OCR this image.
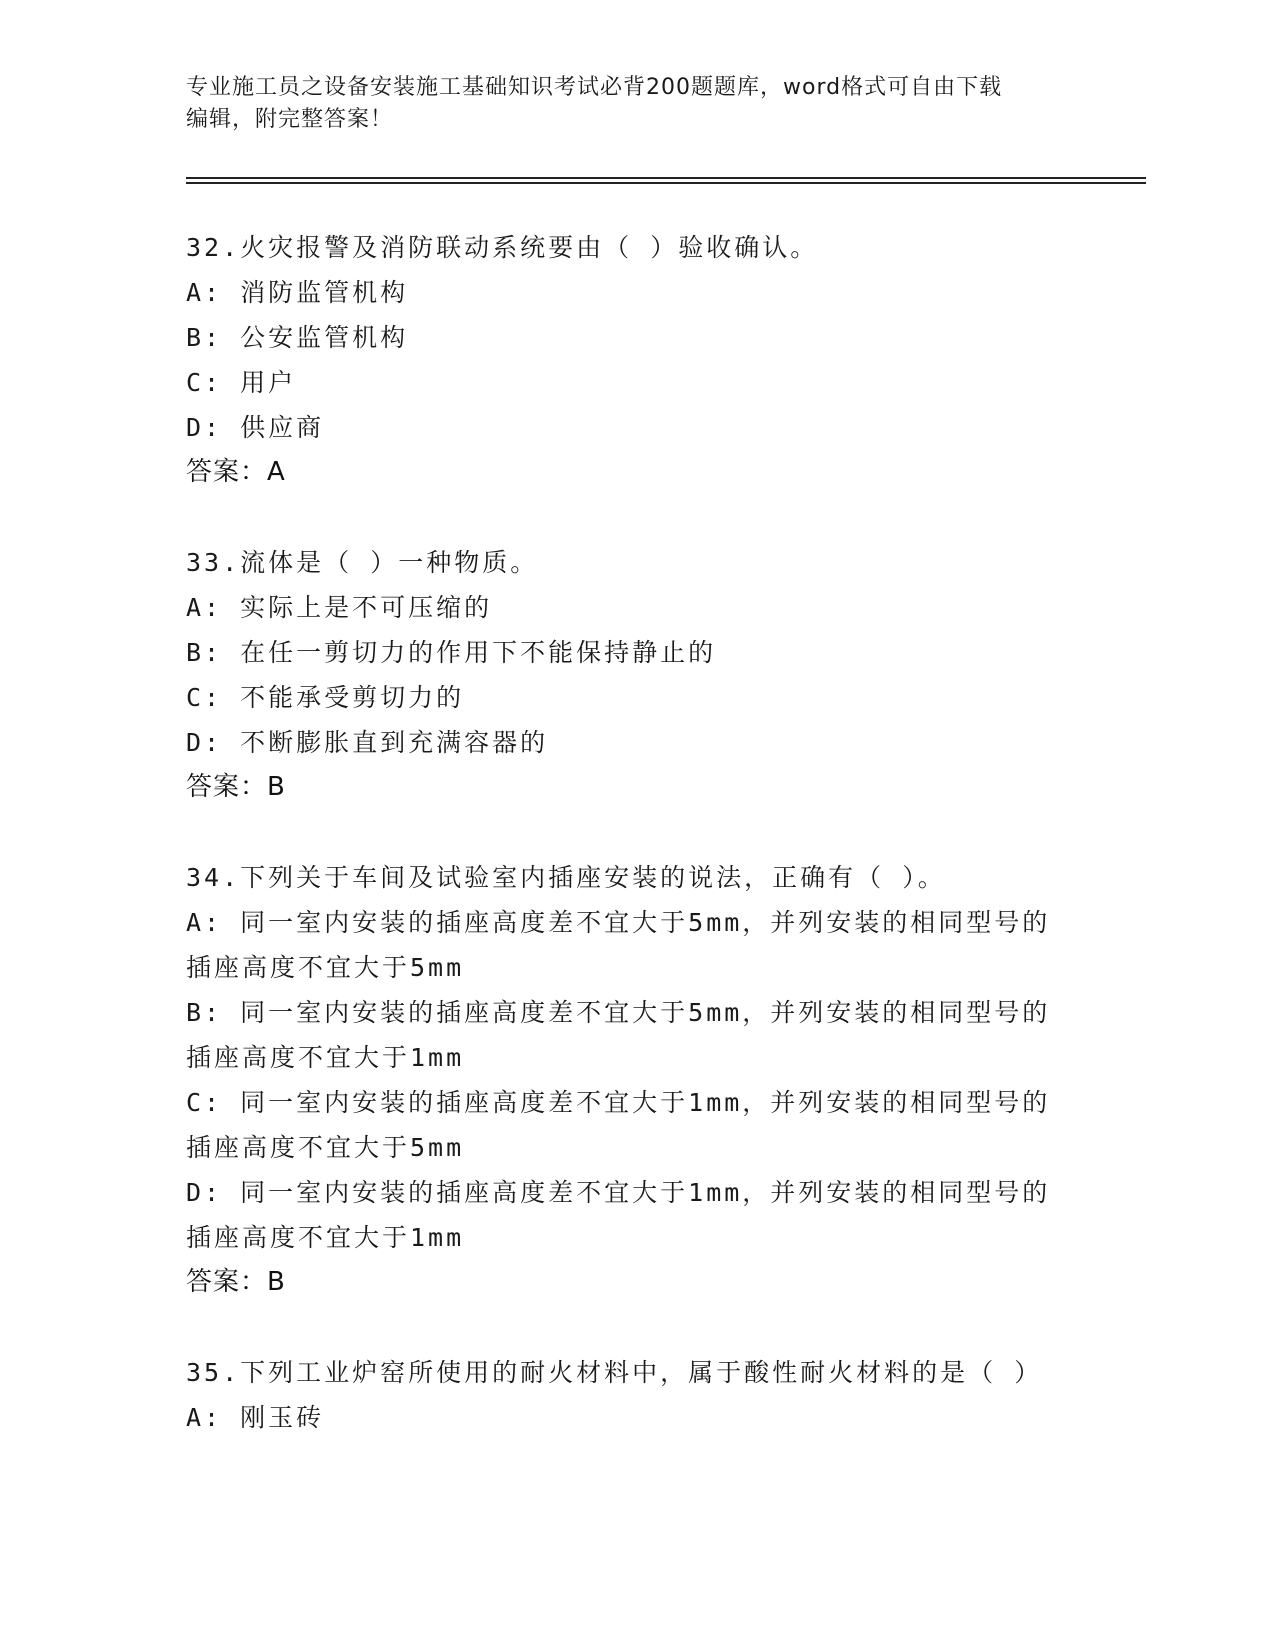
专业施工员之设备安装施工基础知识考试必背200题题库，word格式可自由下载
编辑，附完整答案！
32.火灾报警及消防联动系统要由（ ）验收确认。
A: 消防监管机构
B: 公安监管机构
C: 用户
D: 供应商
答案：A
33.流体是（ ）一种物质。
A: 实际上是不可压缩的
B: 在任一剪切力的作用下不能保持静止的
C: 不能承受剪切力的
D: 不断膨胀直到充满容器的
答案：B
34.下列关于车间及试验室内插座安装的说法，正确有（ ）。
A: 同一室内安装的插座高度差不宜大于5mm，并列安装的相同型号的
插座高度不宜大于5mm
B: 同一室内安装的插座高度差不宜大于5mm，并列安装的相同型号的
插座高度不宜大于1mm
C: 同一室内安装的插座高度差不宜大于1mm，并列安装的相同型号的
插座高度不宜大于5mm
D: 同一室内安装的插座高度差不宜大于1mm，并列安装的相同型号的
插座高度不宜大于1mm
答案：B
35.下列工业炉窑所使用的耐火材料中，属于酸性耐火材料的是（ ）
A: 刚玉砖
